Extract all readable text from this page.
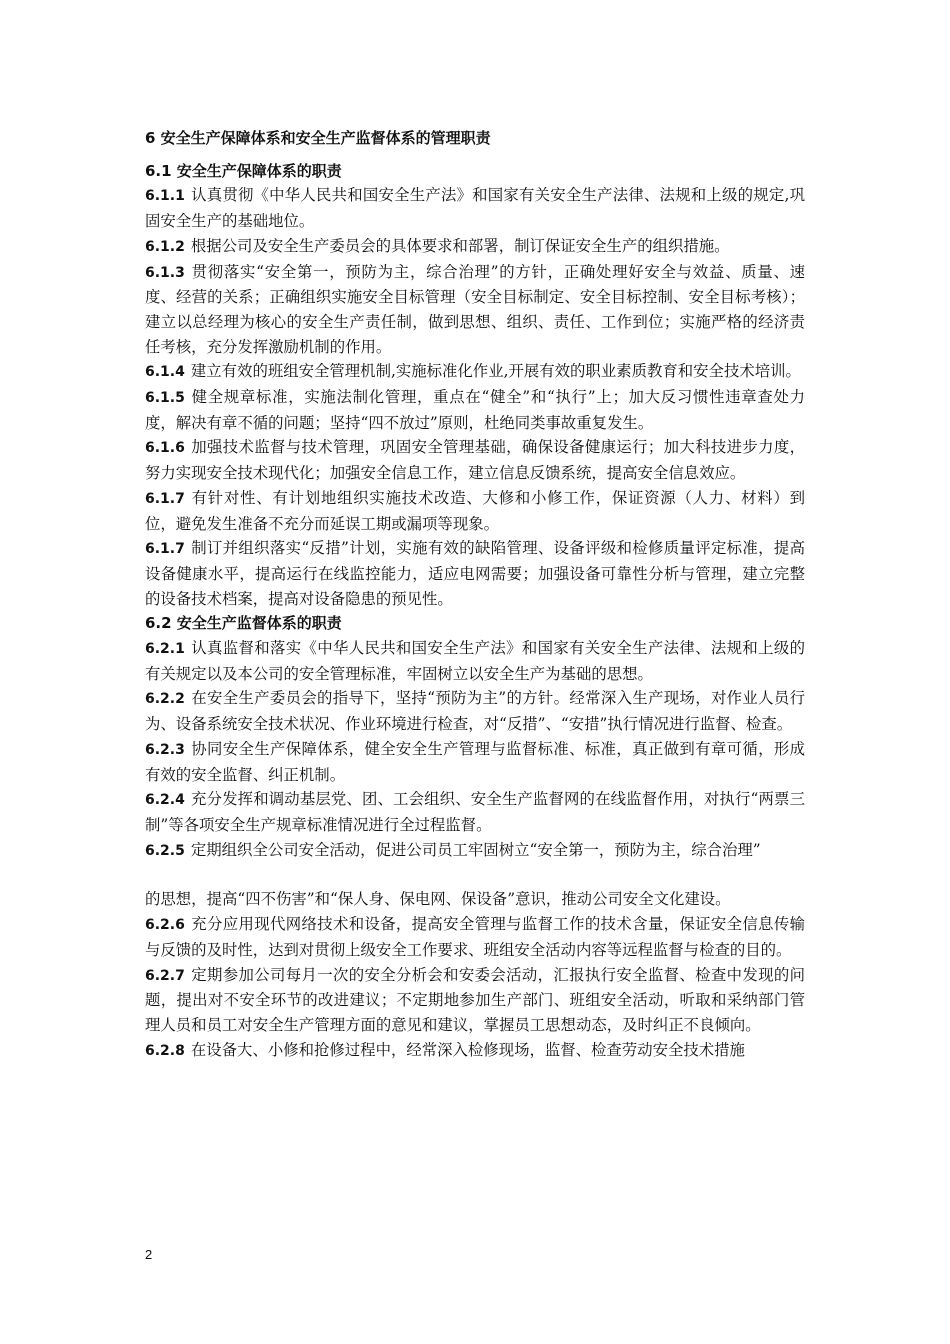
6 安全生产保障体系和安全生产监督体系的管理职责
6.1 安全生产保障体系的职责
6.1.1 认真贯彻《中华人民共和国安全生产法》和国家有关安全生产法律、法规和上级的规定,巩固安全生产的基础地位。
6.1.2 根据公司及安全生产委员会的具体要求和部署，制订保证安全生产的组织措施。
6.1.3 贯彻落实“安全第一，预防为主，综合治理”的方针，正确处理好安全与效益、质量、速度、经营的关系；正确组织实施安全目标管理（安全目标制定、安全目标控制、安全目标考核）；建立以总经理为核心的安全生产责任制，做到思想、组织、责任、工作到位；实施严格的经济责任考核，充分发挥激励机制的作用。
6.1.4 建立有效的班组安全管理机制,实施标准化作业,开展有效的职业素质教育和安全技术培训。
6.1.5 健全规章标准，实施法制化管理，重点在“健全”和“执行”上；加大反习惯性违章查处力度，解决有章不循的问题；坚持“四不放过”原则，杜绝同类事故重复发生。
6.1.6 加强技术监督与技术管理，巩固安全管理基础，确保设备健康运行；加大科技进步力度，努力实现安全技术现代化；加强安全信息工作，建立信息反馈系统，提高安全信息效应。
6.1.7 有针对性、有计划地组织实施技术改造、大修和小修工作，保证资源（人力、材料）到位，避免发生准备不充分而延误工期或漏项等现象。
6.1.7 制订并组织落实“反措”计划，实施有效的缺陷管理、设备评级和检修质量评定标准，提高设备健康水平，提高运行在线监控能力，适应电网需要；加强设备可靠性分析与管理，建立完整的设备技术档案，提高对设备隐患的预见性。
6.2 安全生产监督体系的职责
6.2.1 认真监督和落实《中华人民共和国安全生产法》和国家有关安全生产法律、法规和上级的有关规定以及本公司的安全管理标准，牢固树立以安全生产为基础的思想。
6.2.2 在安全生产委员会的指导下，坚持“预防为主”的方针。经常深入生产现场，对作业人员行为、设备系统安全技术状况、作业环境进行检查，对“反措”、“安措”执行情况进行监督、检查。
6.2.3 协同安全生产保障体系，健全安全生产管理与监督标准、标准，真正做到有章可循，形成有效的安全监督、纠正机制。
6.2.4 充分发挥和调动基层党、团、工会组织、安全生产监督网的在线监督作用，对执行“两票三制”等各项安全生产规章标准情况进行全过程监督。
6.2.5 定期组织全公司安全活动，促进公司员工牢固树立“安全第一，预防为主，综合治理”
的思想，提高“四不伤害”和“保人身、保电网、保设备”意识，推动公司安全文化建设。
6.2.6 充分应用现代网络技术和设备，提高安全管理与监督工作的技术含量，保证安全信息传输与反馈的及时性，达到对贯彻上级安全工作要求、班组安全活动内容等远程监督与检查的目的。
6.2.7 定期参加公司每月一次的安全分析会和安委会活动，汇报执行安全监督、检查中发现的问题，提出对不安全环节的改进建议；不定期地参加生产部门、班组安全活动，听取和采纳部门管理人员和员工对安全生产管理方面的意见和建议，掌握员工思想动态，及时纠正不良倾向。
6.2.8 在设备大、小修和抢修过程中，经常深入检修现场，监督、检查劳动安全技术措施
2
